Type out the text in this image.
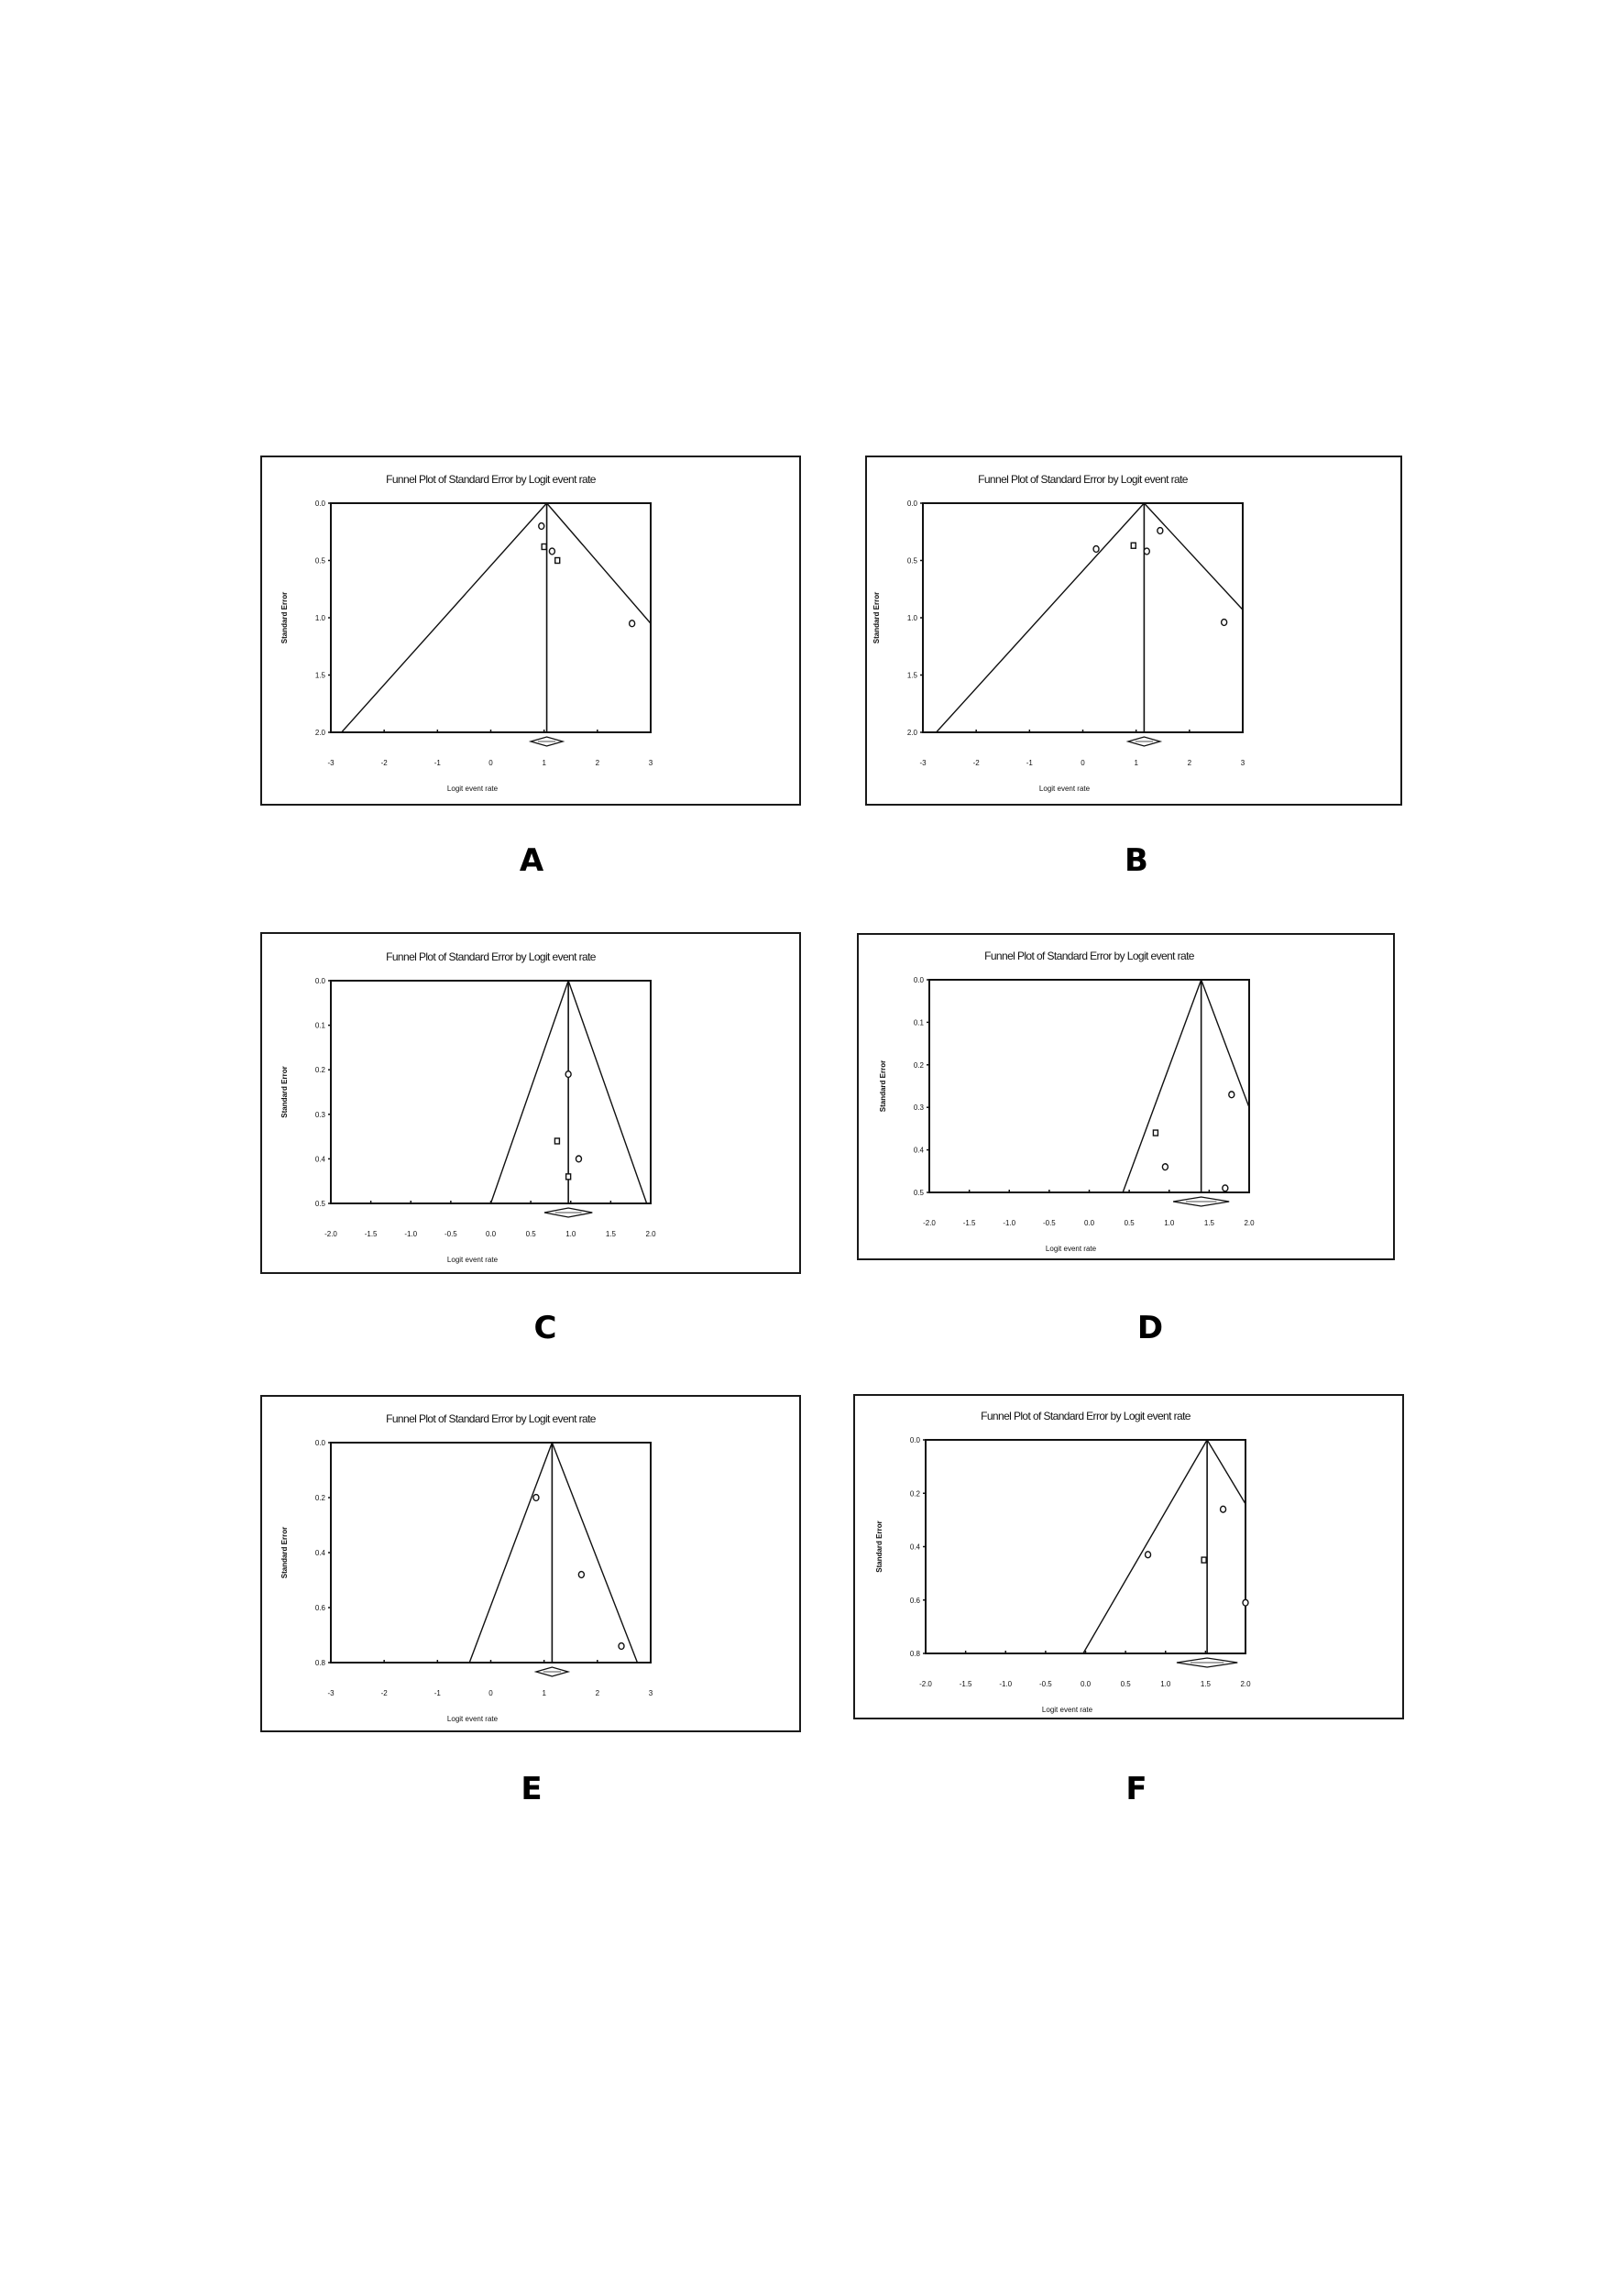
Funnel Plot of Standard Error by Logit event rate
0.0
0.5
1.0
1.5
2.0
-3	-2	-1	0	1	2	3
Logit event rate
Standard Error
A
Funnel Plot of Standard Error by Logit event rate
0.0
0.5
1.0
1.5
2.0
-3	-2	-1	0	1	2	3
Logit event rate
Standard Error
B
Funnel Plot of Standard Error by Logit event rate
0.0
0.1
0.2
0.3
0.4
0.5
-2.0	-1.5	-1.0	-0.5	0.0	0.5	1.0	1.5	2.0
Logit event rate
Standard Error
C
Funnel Plot of Standard Error by Logit event rate
0.0
0.1
0.2
0.3
0.4
0.5
-2.0	-1.5	-1.0	-0.5	0.0	0.5	1.0	1.5	2.0
Logit event rate
Standard Error
D
Funnel Plot of Standard Error by Logit event rate
0.0
0.2
0.4
0.6
0.8
-3	-2	-1	0	1	2	3
Logit event rate
Standard Error
E
Funnel Plot of Standard Error by Logit event rate
0.0
0.2
0.4
0.6
0.8
-2.0	-1.5	-1.0	-0.5	0.0	0.5	1.0	1.5	2.0
Logit event rate
Standard Error
F
